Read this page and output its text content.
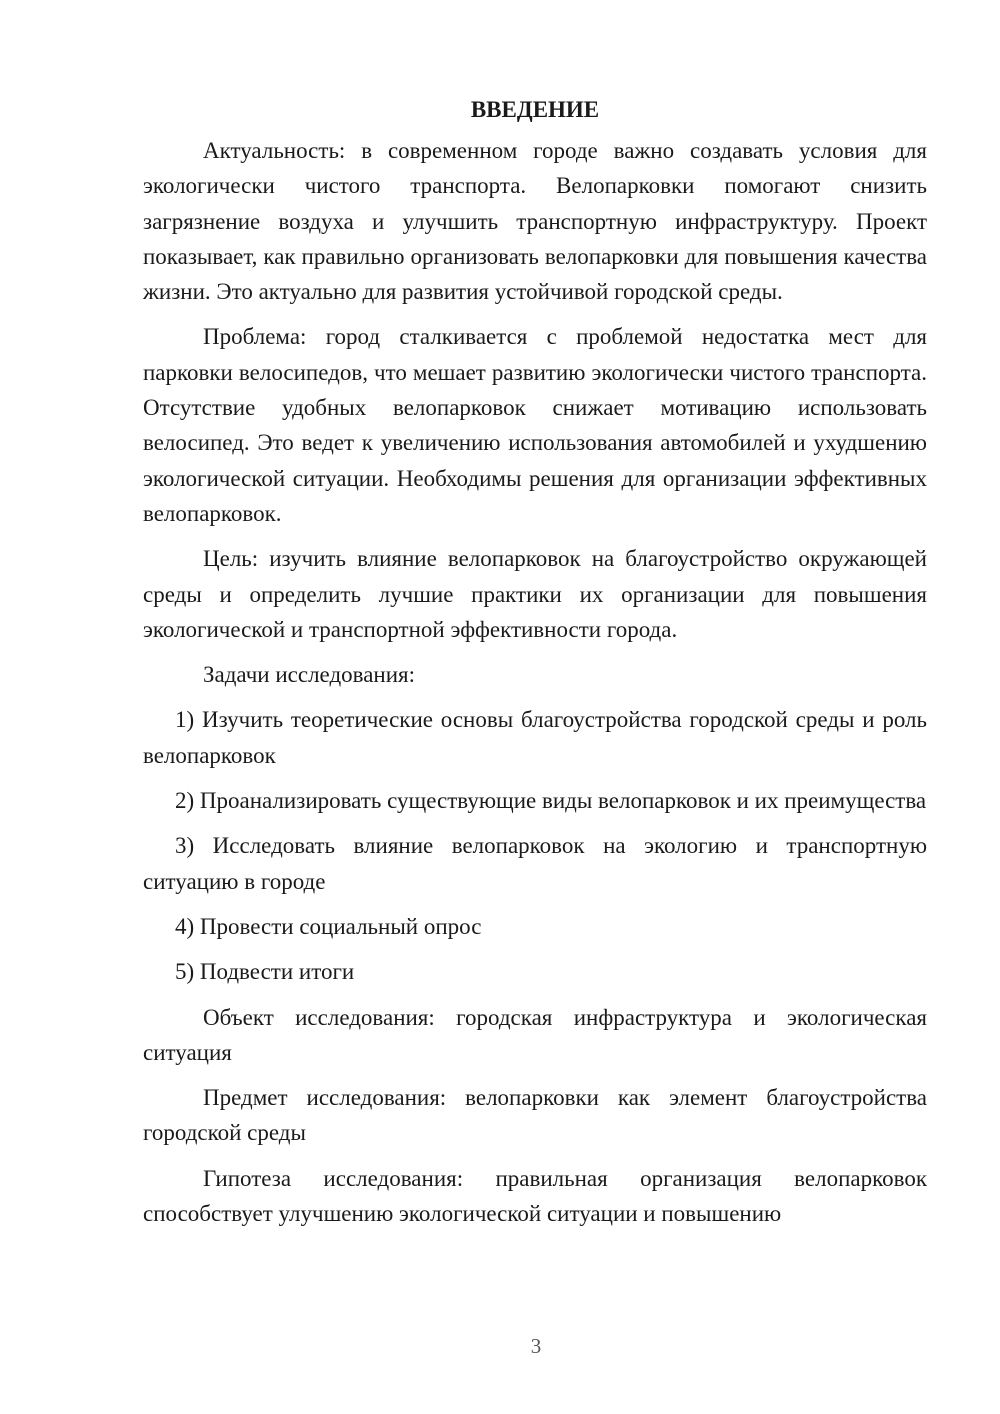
ВВЕДЕНИЕ

Актуальность: в современном городе важно создавать условия для экологически чистого транспорта. Велопарковки помогают снизить загрязнение воздуха и улучшить транспортную инфраструктуру. Проект показывает, как правильно организовать велопарковки для повышения качества жизни. Это актуально для развития устойчивой городской среды.

Проблема: город сталкивается с проблемой недостатка мест для парковки велосипедов, что мешает развитию экологически чистого транспорта. Отсутствие удобных велопарковок снижает мотивацию использовать велосипед. Это ведет к увеличению использования автомобилей и ухудшению экологической ситуации. Необходимы решения для организации эффективных велопарковок.

Цель: изучить влияние велопарковок на благоустройство окружающей среды и определить лучшие практики их организации для повышения экологической и транспортной эффективности города.

Задачи исследования:

1) Изучить теоретические основы благоустройства городской среды и роль велопарковок

2) Проанализировать существующие виды велопарковок и их преимущества

3) Исследовать влияние велопарковок на экологию и транспортную ситуацию в городе

4) Провести социальный опрос

5) Подвести итоги

Объект исследования: городская инфраструктура и экологическая ситуация

Предмет исследования: велопарковки как элемент благоустройства городской среды

Гипотеза исследования: правильная организация велопарковок способствует улучшению экологической ситуации и повышению

3
